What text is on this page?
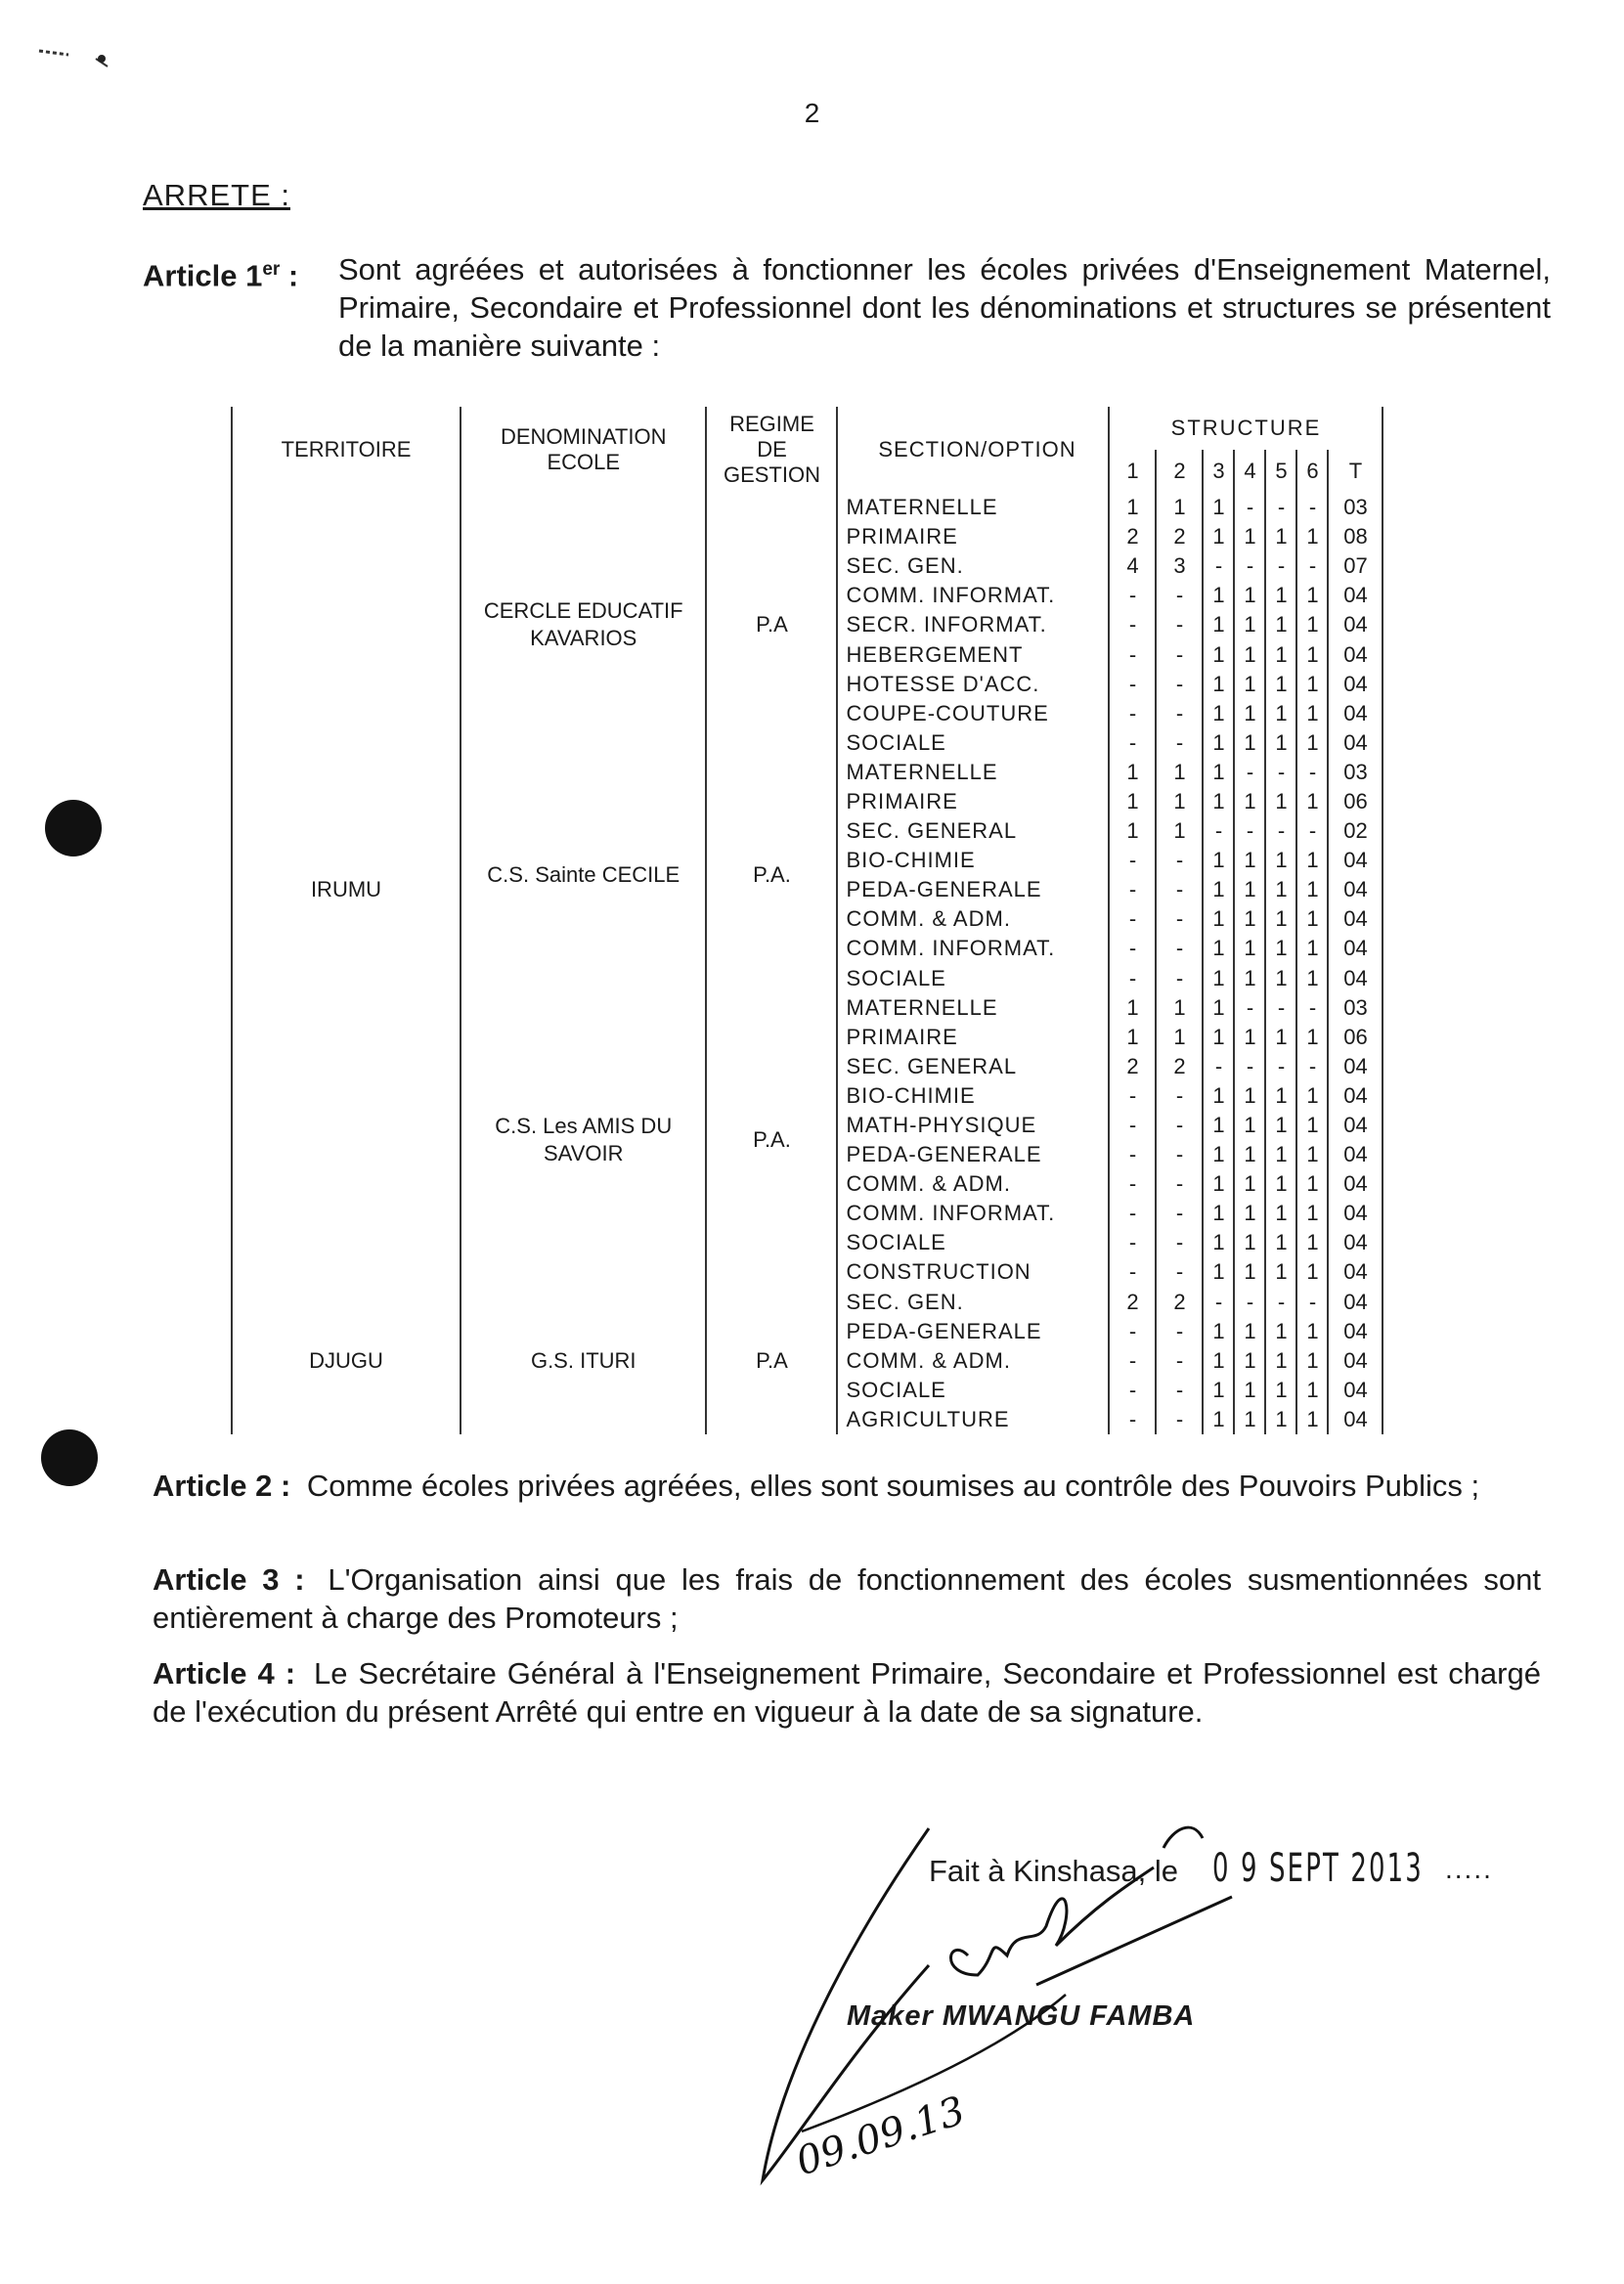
2
ARRETE :
Article 1er : Sont agréées et autorisées à fonctionner les écoles privées d'Enseignement Maternel, Primaire, Secondaire et Professionnel dont les dénominations et structures se présentent de la manière suivante :
TERRITOIRE	DENOMINATION ECOLE	REGIME DE GESTION	SECTION/OPTION	STRUCTURE						
				1	2	3	4	5	6	T
IRUMU	CERCLE EDUCATIF KAVARIOS	P.A	MATERNELLE	1	1	1	-	-	-	03
			PRIMAIRE	2	2	1	1	1	1	08
			SEC. GEN.	4	3	-	-	-	-	07
			COMM. INFORMAT.	-	-	1	1	1	1	04
			SECR. INFORMAT.	-	-	1	1	1	1	04
			HEBERGEMENT	-	-	1	1	1	1	04
			HOTESSE D'ACC.	-	-	1	1	1	1	04
			COUPE-COUTURE	-	-	1	1	1	1	04
			SOCIALE	-	-	1	1	1	1	04
	C.S. Sainte CECILE	P.A.	MATERNELLE	1	1	1	-	-	-	03
			PRIMAIRE	1	1	1	1	1	1	06
			SEC. GENERAL	1	1	-	-	-	-	02
			BIO-CHIMIE	-	-	1	1	1	1	04
			PEDA-GENERALE	-	-	1	1	1	1	04
			COMM. & ADM.	-	-	1	1	1	1	04
			COMM. INFORMAT.	-	-	1	1	1	1	04
			SOCIALE	-	-	1	1	1	1	04
	C.S. Les AMIS DU SAVOIR	P.A.	MATERNELLE	1	1	1	-	-	-	03
			PRIMAIRE	1	1	1	1	1	1	06
			SEC. GENERAL	2	2	-	-	-	-	04
			BIO-CHIMIE	-	-	1	1	1	1	04
			MATH-PHYSIQUE	-	-	1	1	1	1	04
			PEDA-GENERALE	-	-	1	1	1	1	04
			COMM. & ADM.	-	-	1	1	1	1	04
			COMM. INFORMAT.	-	-	1	1	1	1	04
			SOCIALE	-	-	1	1	1	1	04
			CONSTRUCTION	-	-	1	1	1	1	04
DJUGU	G.S. ITURI	P.A	SEC. GEN.	2	2	-	-	-	-	04
			PEDA-GENERALE	-	-	1	1	1	1	04
			COMM. & ADM.	-	-	1	1	1	1	04
			SOCIALE	-	-	1	1	1	1	04
			AGRICULTURE	-	-	1	1	1	1	04
Article 2 : Comme écoles privées agréées, elles sont soumises au contrôle des Pouvoirs Publics ;
Article 3 : L'Organisation ainsi que les frais de fonctionnement des écoles susmentionnées sont entièrement à charge des Promoteurs ;
Article 4 : Le Secrétaire Général à l'Enseignement Primaire, Secondaire et Professionnel est chargé de l'exécution du présent Arrêté qui entre en vigueur à la date de sa signature.
Fait à Kinshasa, le 0 9 SEPT 2013 .....
Maker MWANGU FAMBA
09.09.13
